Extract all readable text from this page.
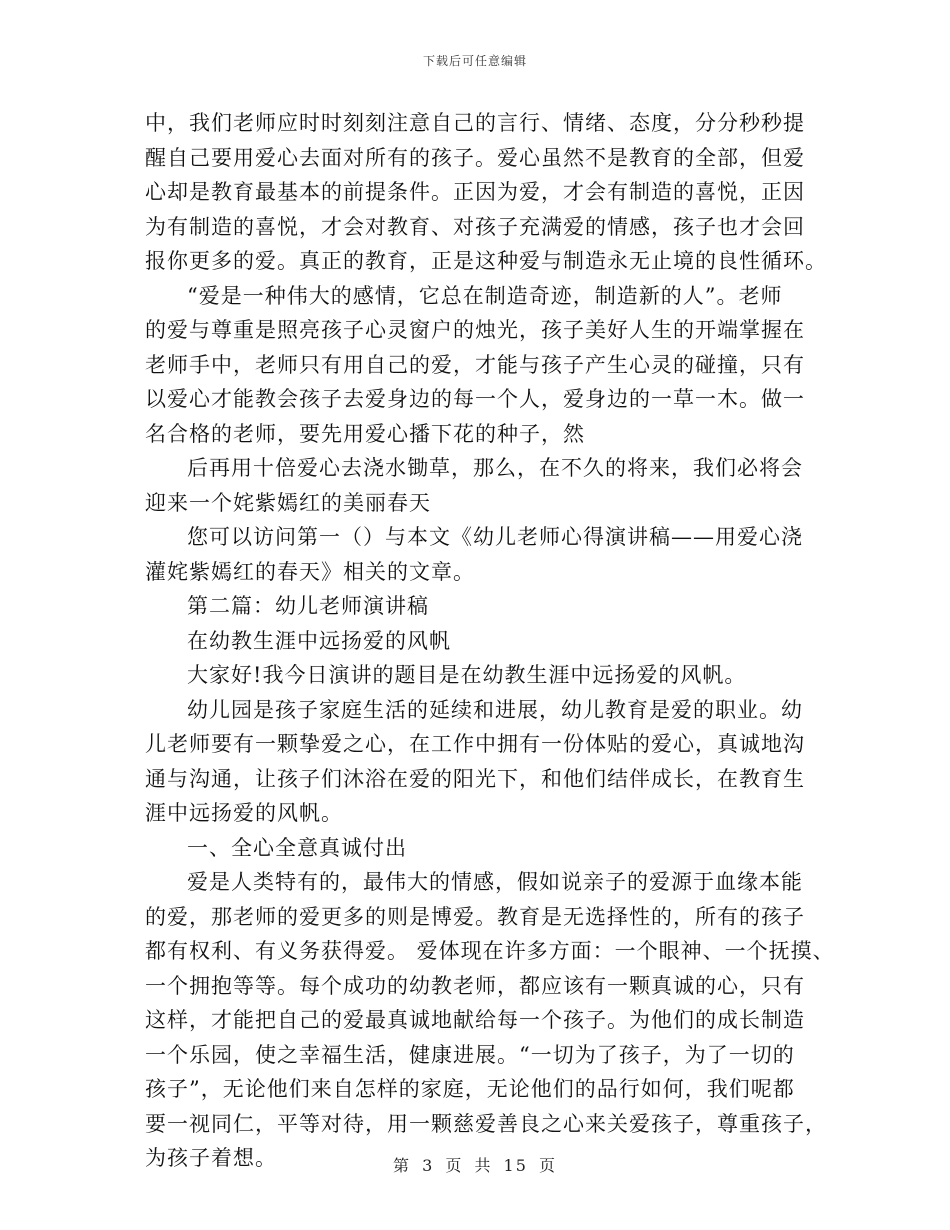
下载后可任意编辑
中，我们老师应时时刻刻注意自己的言行、情绪、态度，分分秒秒提
醒自己要用爱心去面对所有的孩子。爱心虽然不是教育的全部，但爱
心却是教育最基本的前提条件。正因为爱，才会有制造的喜悦，正因
为有制造的喜悦，才会对教育、对孩子充满爱的情感，孩子也才会回
报你更多的爱。真正的教育，正是这种爱与制造永无止境的良性循环。
“爱是一种伟大的感情，它总在制造奇迹，制造新的人”。老师
的爱与尊重是照亮孩子心灵窗户的烛光，孩子美好人生的开端掌握在
老师手中，老师只有用自己的爱，才能与孩子产生心灵的碰撞，只有
以爱心才能教会孩子去爱身边的每一个人，爱身边的一草一木。做一
名合格的老师，要先用爱心播下花的种子，然
后再用十倍爱心去浇水锄草，那么，在不久的将来，我们必将会
迎来一个姹紫嫣红的美丽春天
您可以访问第一（）与本文《幼儿老师心得演讲稿——用爱心浇
灌姹紫嫣红的春天》相关的文章。
第二篇：幼儿老师演讲稿
在幼教生涯中远扬爱的风帆
大家好!我今日演讲的题目是在幼教生涯中远扬爱的风帆。
幼儿园是孩子家庭生活的延续和进展，幼儿教育是爱的职业。幼
儿老师要有一颗挚爱之心，在工作中拥有一份体贴的爱心，真诚地沟
通与沟通，让孩子们沐浴在爱的阳光下，和他们结伴成长，在教育生
涯中远扬爱的风帆。
一、全心全意真诚付出
爱是人类特有的，最伟大的情感，假如说亲子的爱源于血缘本能
的爱，那老师的爱更多的则是博爱。教育是无选择性的，所有的孩子
都有权利、有义务获得爱。 爱体现在许多方面：一个眼神、一个抚摸、
一个拥抱等等。每个成功的幼教老师，都应该有一颗真诚的心，只有
这样，才能把自己的爱最真诚地献给每一个孩子。为他们的成长制造
一个乐园，使之幸福生活，健康进展。“一切为了孩子，为了一切的
孩子”，无论他们来自怎样的家庭，无论他们的品行如何，我们呢都
要一视同仁，平等对待，用一颗慈爱善良之心来关爱孩子，尊重孩子，
为孩子着想。	第 3 页 共 15 页
